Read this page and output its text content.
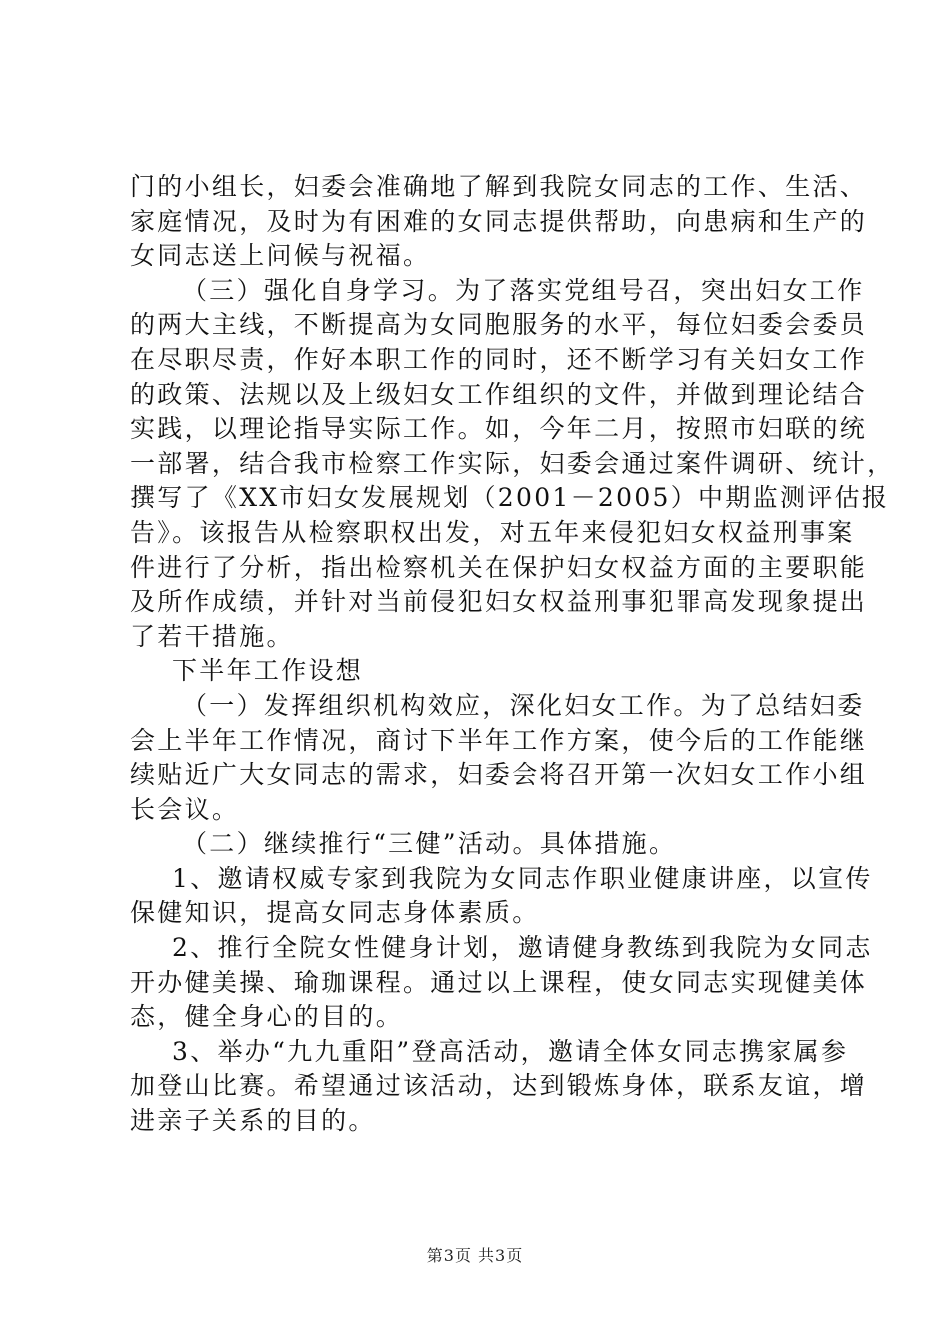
门的小组长，妇委会准确地了解到我院女同志的工作、生活、
家庭情况，及时为有困难的女同志提供帮助，向患病和生产的
女同志送上问候与祝福。
（三）强化自身学习。为了落实党组号召，突出妇女工作
的两大主线，不断提高为女同胞服务的水平，每位妇委会委员
在尽职尽责，作好本职工作的同时，还不断学习有关妇女工作
的政策、法规以及上级妇女工作组织的文件，并做到理论结合
实践，以理论指导实际工作。如，今年二月，按照市妇联的统
一部署，结合我市检察工作实际，妇委会通过案件调研、统计，
撰写了《XX市妇女发展规划（2001－2005）中期监测评估报
告》。该报告从检察职权出发，对五年来侵犯妇女权益刑事案
件进行了分析，指出检察机关在保护妇女权益方面的主要职能
及所作成绩，并针对当前侵犯妇女权益刑事犯罪高发现象提出
了若干措施。
下半年工作设想
（一）发挥组织机构效应，深化妇女工作。为了总结妇委
会上半年工作情况，商讨下半年工作方案，使今后的工作能继
续贴近广大女同志的需求，妇委会将召开第一次妇女工作小组
长会议。
（二）继续推行“三健”活动。具体措施。
1、邀请权威专家到我院为女同志作职业健康讲座，以宣传
保健知识，提高女同志身体素质。
2、推行全院女性健身计划，邀请健身教练到我院为女同志
开办健美操、瑜珈课程。通过以上课程，使女同志实现健美体
态，健全身心的目的。
3、举办“九九重阳”登高活动，邀请全体女同志携家属参
加登山比赛。希望通过该活动，达到锻炼身体，联系友谊，增
进亲子关系的目的。
第3页 共3页
